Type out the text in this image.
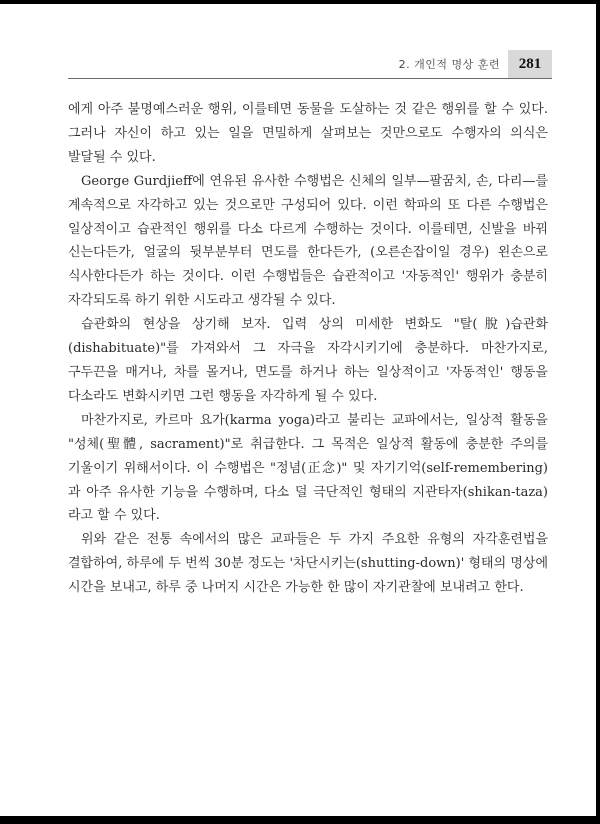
2. 개인적 명상 훈련	281

에게 아주 불명예스러운 행위, 이를테면 동물을 도살하는 것 같은 행위를 할 수 있다. 그러나 자신이 하고 있는 일을 면밀하게 살펴보는 것만으로도 수행자의 의식은 발달될 수 있다.

George Gurdjieff에 연유된 유사한 수행법은 신체의 일부—팔꿈치, 손, 다리—를 계속적으로 자각하고 있는 것으로만 구성되어 있다. 이런 학파의 또 다른 수행법은 일상적이고 습관적인 행위를 다소 다르게 수행하는 것이다. 이를테면, 신발을 바꿔 신는다든가, 얼굴의 뒷부분부터 면도를 한다든가, (오른손잡이일 경우) 왼손으로 식사한다든가 하는 것이다. 이런 수행법들은 습관적이고 '자동적인' 행위가 충분히 자각되도록 하기 위한 시도라고 생각될 수 있다.

습관화의 현상을 상기해 보자. 입력 상의 미세한 변화도 "탈(脫)습관화(dishabituate)"를 가져와서 그 자극을 자각시키기에 충분하다. 마찬가지로, 구두끈을 매거나, 차를 몰거나, 면도를 하거나 하는 일상적이고 '자동적인' 행동을 다소라도 변화시키면 그런 행동을 자각하게 될 수 있다.

마찬가지로, 카르마 요가(karma yoga)라고 불리는 교파에서는, 일상적 활동을 "성체(聖體, sacrament)"로 취급한다. 그 목적은 일상적 활동에 충분한 주의를 기울이기 위해서이다. 이 수행법은 "정념(正念)" 및 자기기억(self-remembering)과 아주 유사한 기능을 수행하며, 다소 덜 극단적인 형태의 지관타자(shikan-taza)라고 할 수 있다.

위와 같은 전통 속에서의 많은 교파들은 두 가지 주요한 유형의 자각훈련법을 결합하여, 하루에 두 번씩 30분 정도는 '차단시키는(shutting-down)' 형태의 명상에 시간을 보내고, 하루 중 나머지 시간은 가능한 한 많이 자기관찰에 보내려고 한다.
